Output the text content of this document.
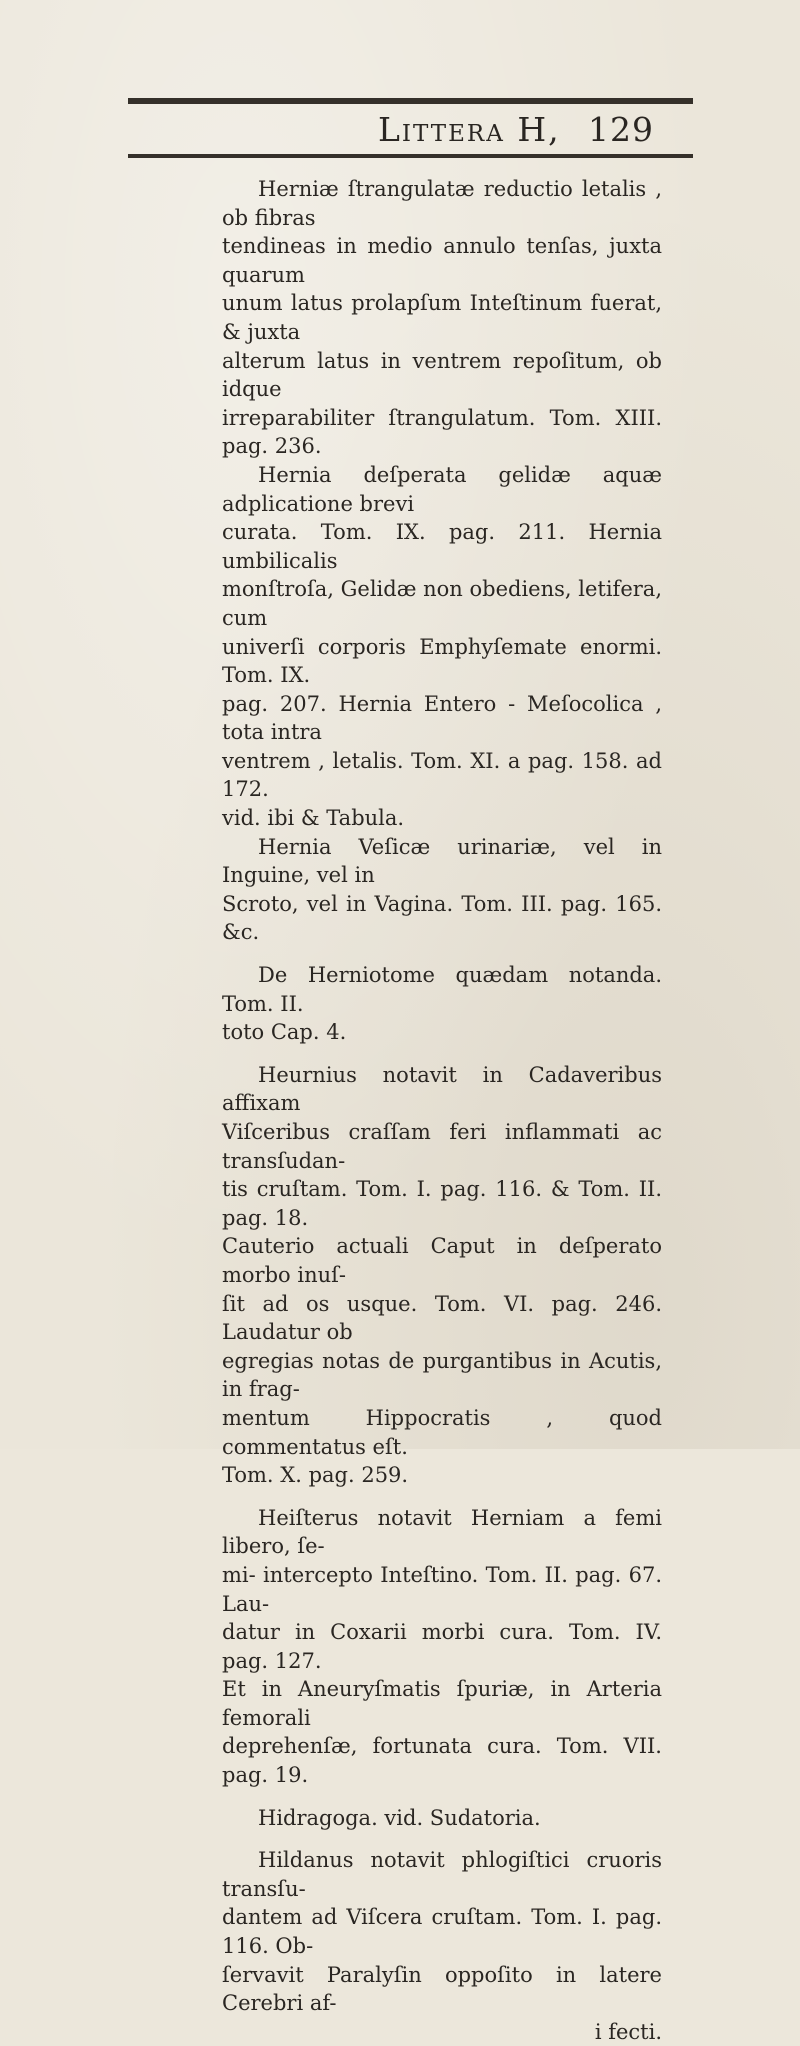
Littera H, 129
Herniæ ſtrangulatæ reductio letalis , ob fibras
tendineas in medio annulo tenſas, juxta quarum
unum latus prolapſum Inteſtinum fuerat, & juxta
alterum latus in ventrem repoſitum, ob idque
irreparabiliter ſtrangulatum. Tom. XIII. pag. 236.
Hernia deſperata gelidæ aquæ adplicatione brevi
curata. Tom. IX. pag. 211. Hernia umbilicalis
monſtroſa, Gelidæ non obediens, letifera, cum
univerſi corporis Emphyſemate enormi. Tom. IX.
pag. 207. Hernia Entero - Meſocolica , tota intra
ventrem , letalis. Tom. XI. a pag. 158. ad 172.
vid. ibi & Tabula.
Hernia Veſicæ urinariæ, vel in Inguine, vel in
Scroto, vel in Vagina. Tom. III. pag. 165. &c.
De Herniotome quædam notanda. Tom. II.
toto Cap. 4.
Heurnius notavit in Cadaveribus affixam
Viſceribus craſſam feri inflammati ac transſudan-
tis cruſtam. Tom. I. pag. 116. & Tom. II. pag. 18.
Cauterio actuali Caput in deſperato morbo inuſ-
ſit ad os usque. Tom. VI. pag. 246. Laudatur ob
egregias notas de purgantibus in Acutis, in frag-
mentum Hippocratis , quod commentatus eſt.
Tom. X. pag. 259.
Heiſterus notavit Herniam a femi libero, ſe-
mi- intercepto Inteſtino. Tom. II. pag. 67. Lau-
datur in Coxarii morbi cura. Tom. IV. pag. 127.
Et in Aneuryſmatis ſpuriæ, in Arteria femorali
deprehenſæ, fortunata cura. Tom. VII. pag. 19.
Hidragoga. vid. Sudatoria.
Hildanus notavit phlogiſtici cruoris transſu-
dantem ad Viſcera cruſtam. Tom. I. pag. 116. Ob-
ſervavit Paralyſin oppoſito in latere Cerebri af-
i fecti.
